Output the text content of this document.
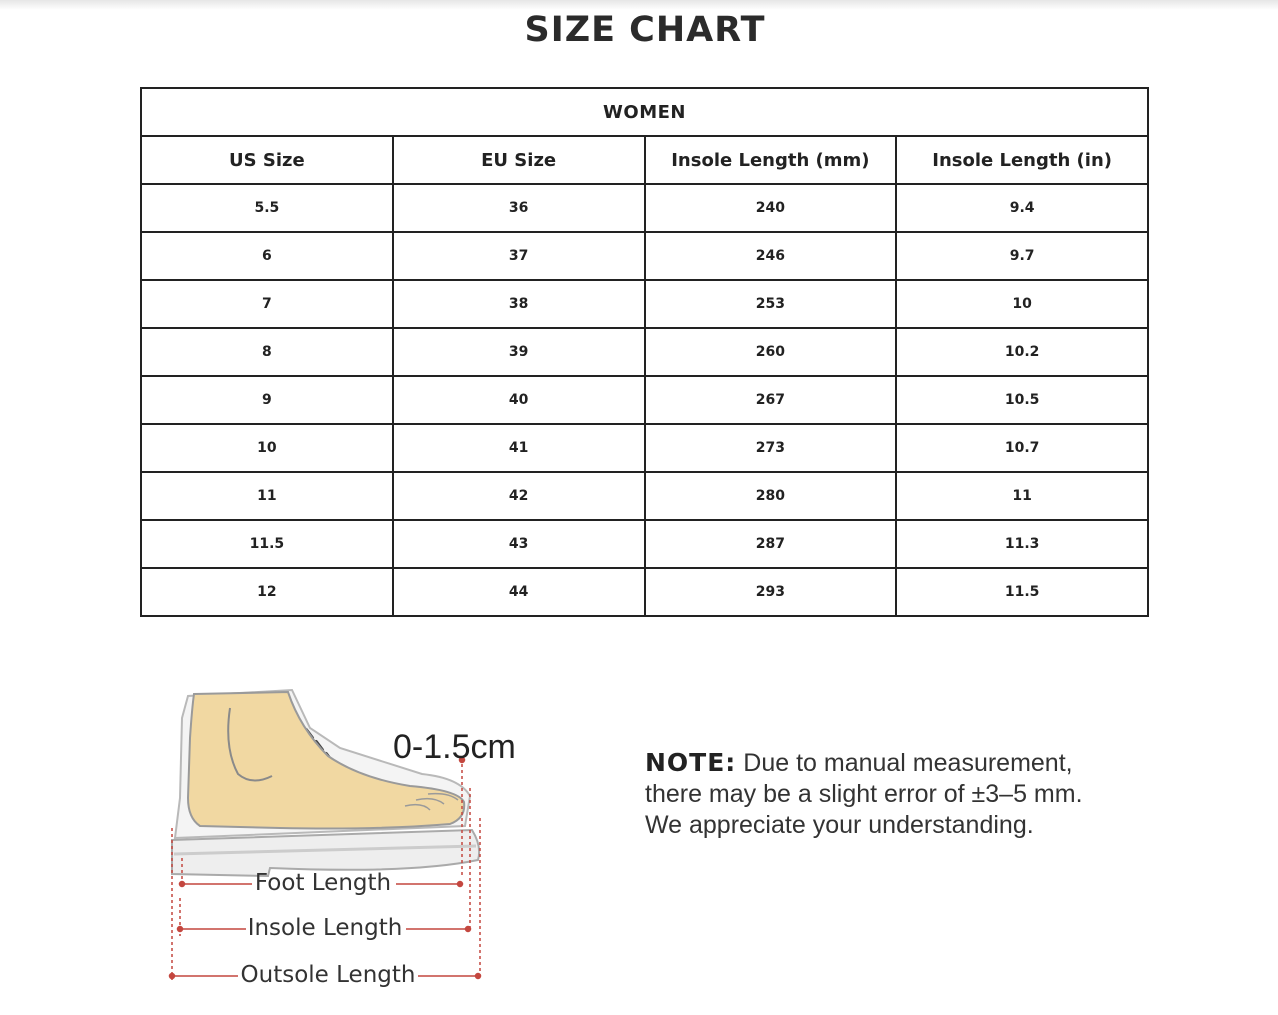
SIZE CHART
WOMEN			
US Size	EU Size	Insole Length (mm)	Insole Length (in)
5.5	36	240	9.4
6	37	246	9.7
7	38	253	10
8	39	260	10.2
9	40	267	10.5
10	41	273	10.7
11	42	280	11
11.5	43	287	11.3
12	44	293	11.5
0-1.5cm
Foot Length
Insole Length
Outsole Length
NOTE: Due to manual measurement,
there may be a slight error of ±3–5 mm.
We appreciate your understanding.
